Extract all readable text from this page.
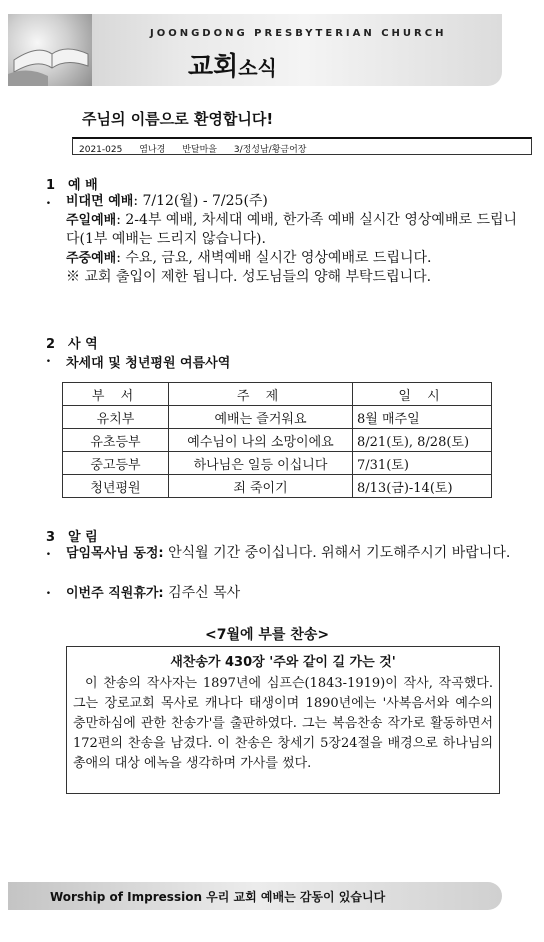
JOONGDONG PRESBYTERIAN CHURCH
교회소식
주님의 이름으로 환영합니다!
2021-025 염나경 반달마을 3/정성남/황금어장
1 예 배
. 비대면 예배: 7/12(월) - 7/25(주)
주일예배: 2-4부 예배, 차세대 예배, 한가족 예배 실시간 영상예배로 드립니다(1부 예배는 드리지 않습니다).
주중예배: 수요, 금요, 새벽예배 실시간 영상예배로 드립니다.
※ 교회 출입이 제한 됩니다. 성도님들의 양해 부탁드립니다.
2 사 역
. 차세대 및 청년평원 여름사역
부 서	주 제	일 시
유치부	예배는 즐거워요	8월 매주일
유초등부	예수님이 나의 소망이에요	8/21(토), 8/28(토)
중고등부	하나님은 일등 이십니다	7/31(토)
청년평원	죄 죽이기	8/13(금)-14(토)
3 알 림
. 담임목사님 동정: 안식월 기간 중이십니다. 위해서 기도해주시기 바랍니다.
. 이번주 직원휴가: 김주신 목사
<7월에 부를 찬송>
새찬송가 430장 '주와 같이 길 가는 것'
이 찬송의 작사자는 1897년에 심프슨(1843-1919)이 작사, 작곡했다. 그는 장로교회 목사로 캐나다 태생이며 1890년에는 '사복음서와 예수의 충만하심에 관한 찬송가'를 출판하였다. 그는 복음찬송 작가로 활동하면서 172편의 찬송을 남겼다. 이 찬송은 창세기 5장24절을 배경으로 하나님의 총애의 대상 에녹을 생각하며 가사를 썼다.
Worship of Impression 우리 교회 예배는 감동이 있습니다
